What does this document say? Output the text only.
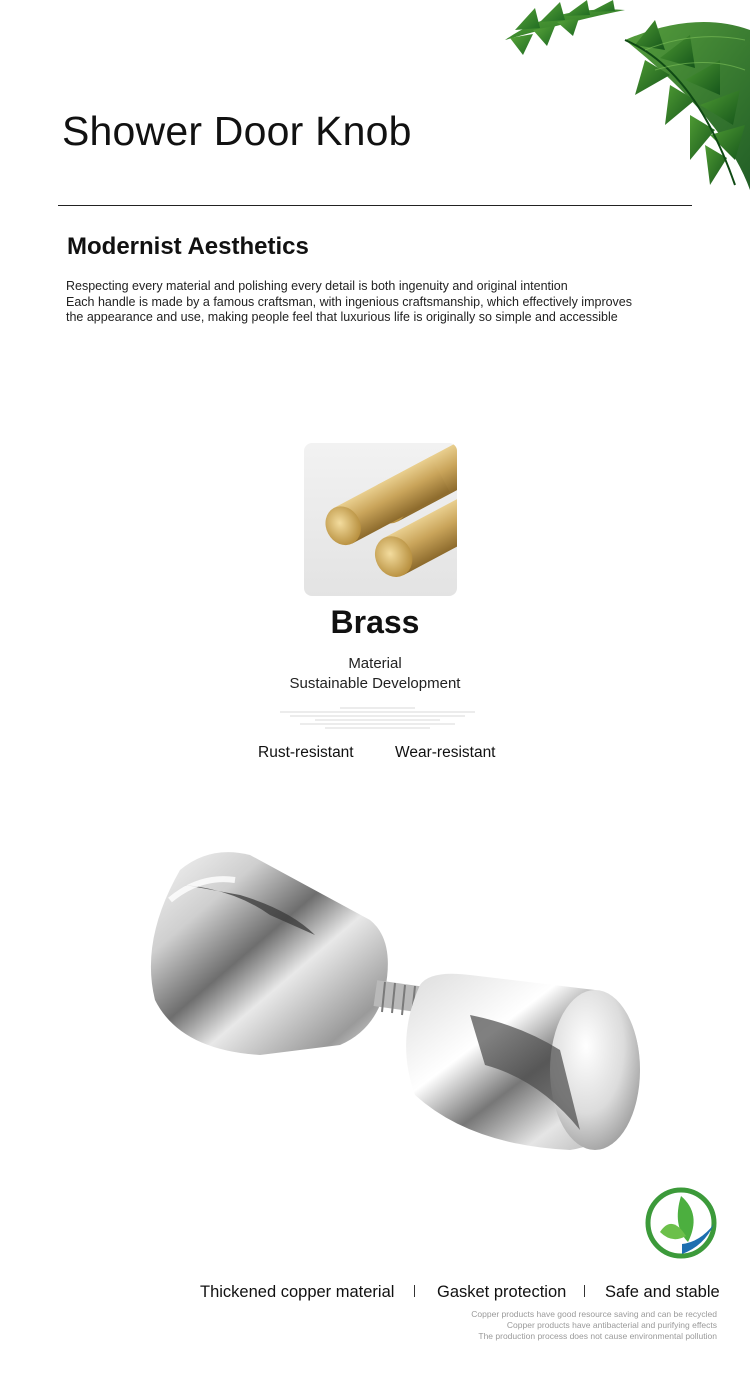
Shower Door Knob
Modernist Aesthetics

Respecting every material and polishing every detail is both ingenuity and original intention

Each handle is made by a famous craftsman, with ingenious craftsmanship, which effectively improves

the appearance and use, making people feel that luxurious life is originally so simple and accessible

Brass
Material
Sustainable Development
Rust-resistant	Wear-resistant
Thickened copper material	Gasket protection Safe and stable
Copper products have good resource saving and can be recycled
Copper products have antibacterial and purifying effects
The production process does not cause environmental pollution
